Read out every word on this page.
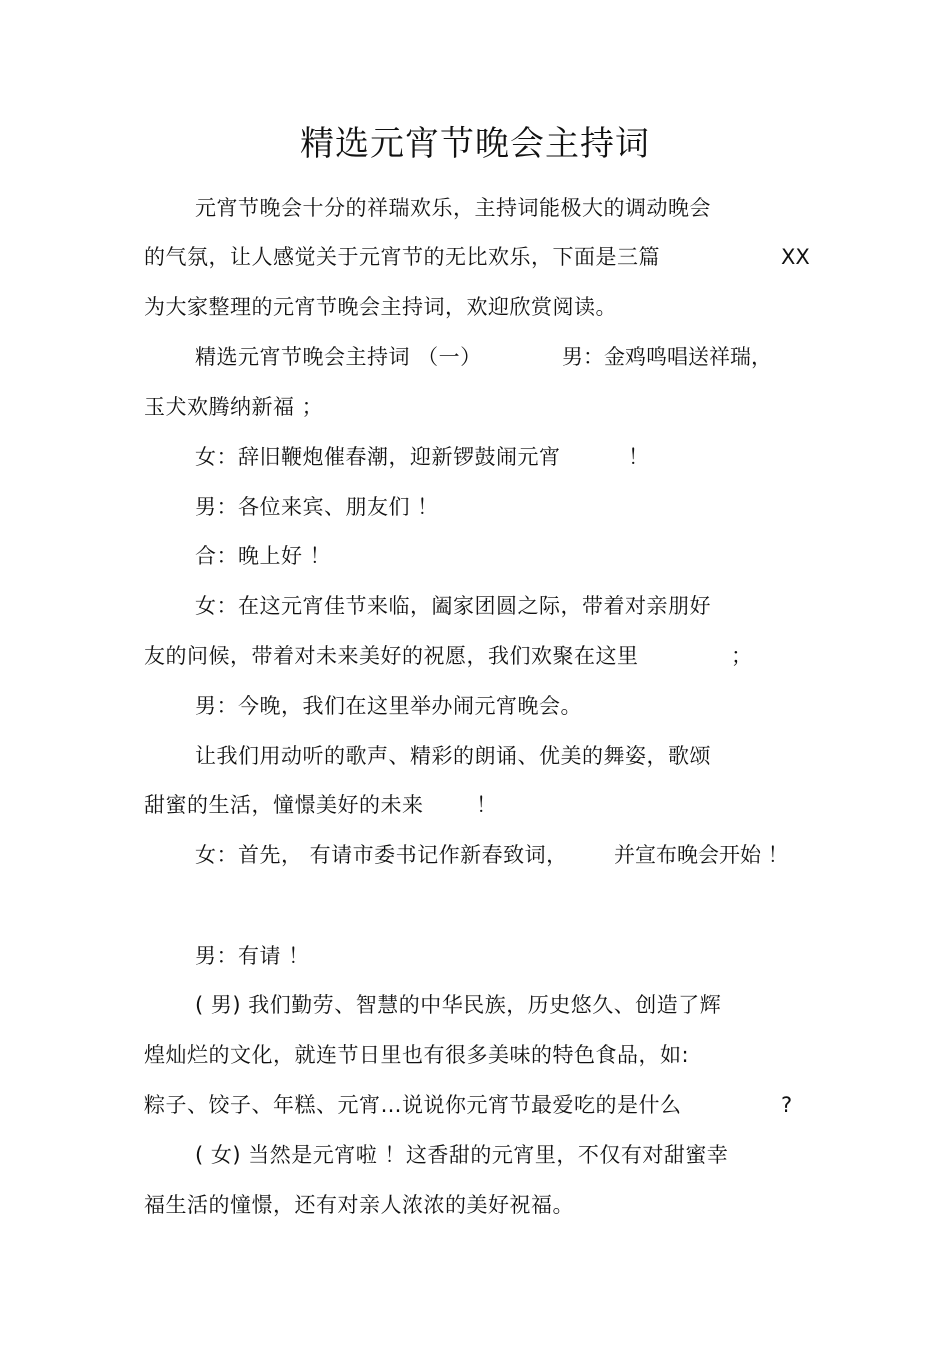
精选元宵节晚会主持词
元宵节晚会十分的祥瑞欢乐，主持词能极大的调动晚会
的气氛，让人感觉关于元宵节的无比欢乐，下面是三篇	XX
为大家整理的元宵节晚会主持词，欢迎欣赏阅读。
精选元宵节晚会主持词 （一）	男：金鸡鸣唱送祥瑞，
玉犬欢腾纳新福 ；
女：辞旧鞭炮催春潮，迎新锣鼓闹元宵	！
男：各位来宾、朋友们 ！
合：晚上好 ！
女：在这元宵佳节来临，阖家团圆之际，带着对亲朋好
友的问候，带着对未来美好的祝愿，我们欢聚在这里	；
男：今晚，我们在这里举办闹元宵晚会。
让我们用动听的歌声、精彩的朗诵、优美的舞姿，歌颂
甜蜜的生活，憧憬美好的未来	！
女：首先， 有请市委书记作新春致词， 并宣布晚会开始 ！
男：有请 ！
( 男) 我们勤劳、智慧的中华民族，历史悠久、创造了辉
煌灿烂的文化，就连节日里也有很多美味的特色食品，如:
粽子、饺子、年糕、元宵…说说你元宵节最爱吃的是什么	?
( 女) 当然是元宵啦 ！这香甜的元宵里，不仅有对甜蜜幸
福生活的憧憬，还有对亲人浓浓的美好祝福。
